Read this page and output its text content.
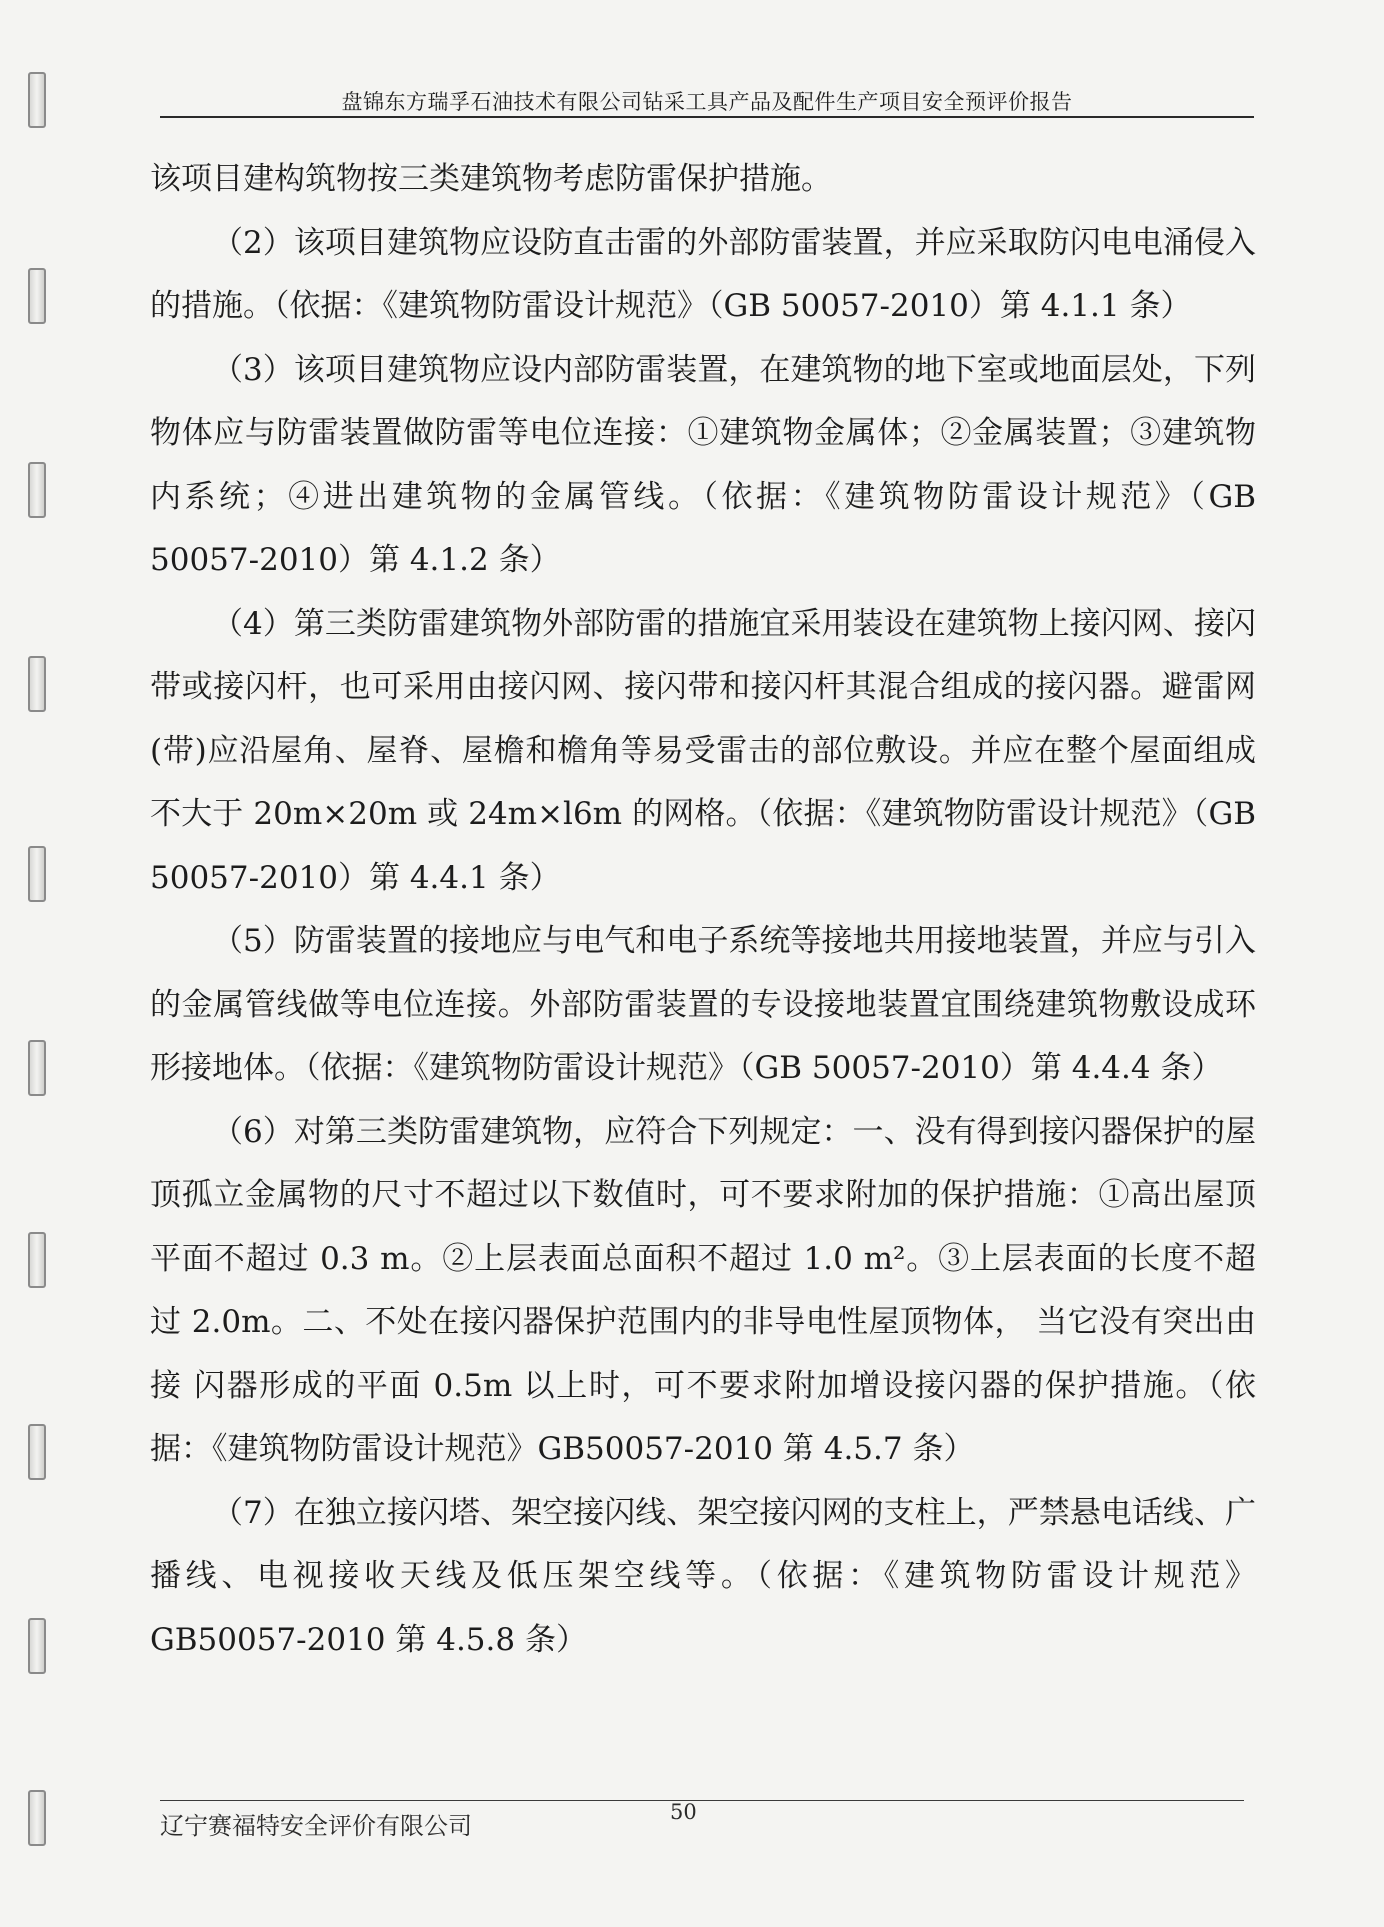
盘锦东方瑞孚石油技术有限公司钻采工具产品及配件生产项目安全预评价报告

该项目建构筑物按三类建筑物考虑防雷保护措施。

（2）该项目建筑物应设防直击雷的外部防雷装置，并应采取防闪电电涌侵入的措施。（依据：《建筑物防雷设计规范》（GB 50057-2010）第 4.1.1 条）

（3）该项目建筑物应设内部防雷装置，在建筑物的地下室或地面层处，下列物体应与防雷装置做防雷等电位连接：①建筑物金属体；②金属装置；③建筑物内系统；④进出建筑物的金属管线。（依据：《建筑物防雷设计规范》（GB 50057-2010）第 4.1.2 条）

（4）第三类防雷建筑物外部防雷的措施宜采用装设在建筑物上接闪网、接闪带或接闪杆，也可采用由接闪网、接闪带和接闪杆其混合组成的接闪器。避雷网(带)应沿屋角、屋脊、屋檐和檐角等易受雷击的部位敷设。并应在整个屋面组成不大于 20m×20m 或 24m×l6m 的网格。（依据：《建筑物防雷设计规范》（GB 50057-2010）第 4.4.1 条）

（5）防雷装置的接地应与电气和电子系统等接地共用接地装置，并应与引入的金属管线做等电位连接。外部防雷装置的专设接地装置宜围绕建筑物敷设成环形接地体。（依据：《建筑物防雷设计规范》（GB 50057-2010）第 4.4.4 条）

（6）对第三类防雷建筑物，应符合下列规定：一、没有得到接闪器保护的屋顶孤立金属物的尺寸不超过以下数值时，可不要求附加的保护措施：①高出屋顶平面不超过 0.3 m。②上层表面总面积不超过 1.0 m²。③上层表面的长度不超过 2.0m。二、不处在接闪器保护范围内的非导电性屋顶物体， 当它没有突出由接 闪器形成的平面 0.5m 以上时，可不要求附加增设接闪器的保护措施。（依据：《建筑物防雷设计规范》GB50057-2010 第 4.5.7 条）

（7）在独立接闪塔、架空接闪线、架空接闪网的支柱上，严禁悬电话线、广播线、电视接收天线及低压架空线等。（依据：《建筑物防雷设计规范》GB50057-2010 第 4.5.8 条）

辽宁赛福特安全评价有限公司	50
